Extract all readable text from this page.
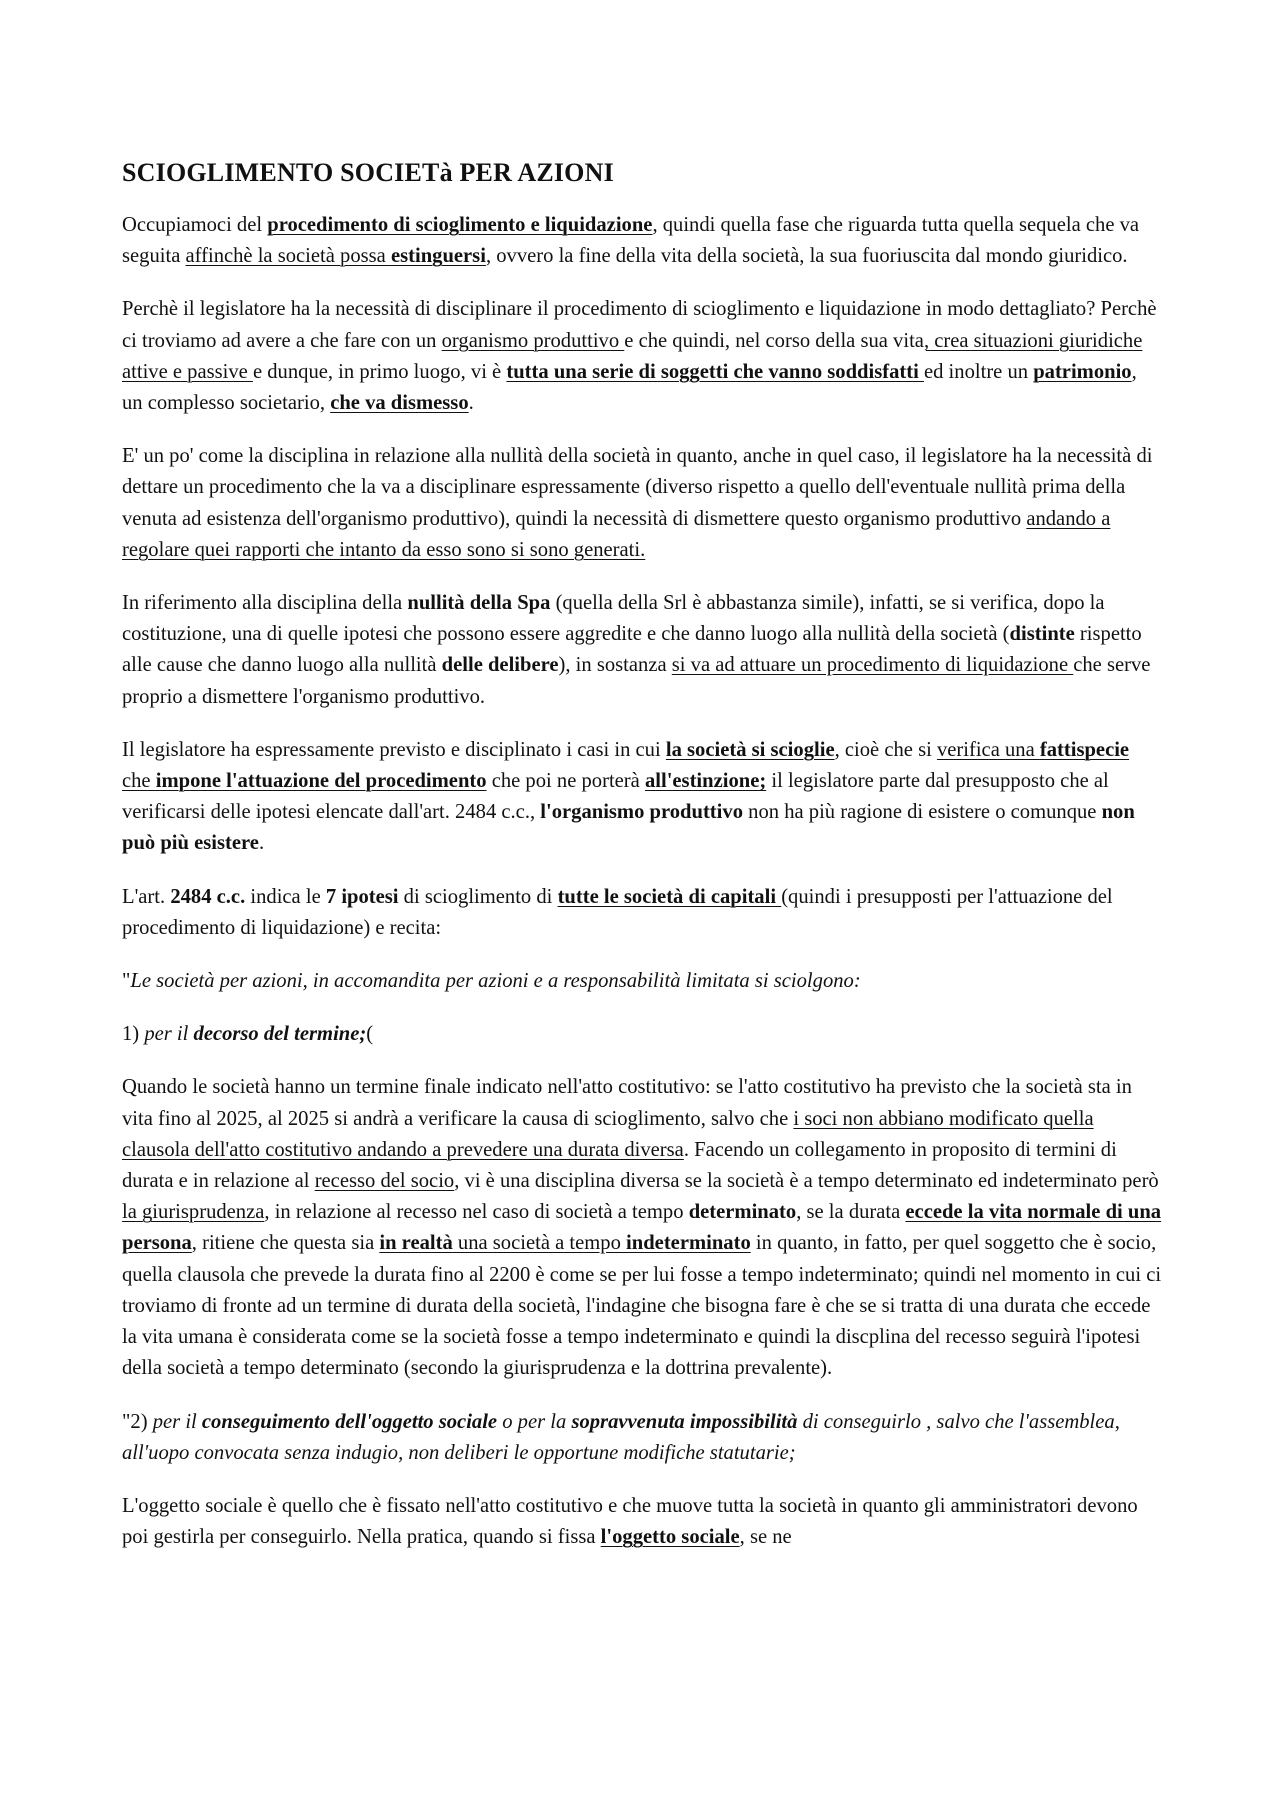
SCIOGLIMENTO SOCIETà PER AZIONI

Occupiamoci del procedimento di scioglimento e liquidazione, quindi quella fase che riguarda tutta quella sequela che va seguita affinchè la società possa estinguersi, ovvero la fine della vita della società, la sua fuoriuscita dal mondo giuridico.

Perchè il legislatore ha la necessità di disciplinare il procedimento di scioglimento e liquidazione in modo dettagliato? Perchè ci troviamo ad avere a che fare con un organismo produttivo e che quindi, nel corso della sua vita, crea situazioni giuridiche attive e passive e dunque, in primo luogo, vi è tutta una serie di soggetti che vanno soddisfatti ed inoltre un patrimonio, un complesso societario, che va dismesso.

E' un po' come la disciplina in relazione alla nullità della società in quanto, anche in quel caso, il legislatore ha la necessità di dettare un procedimento che la va a disciplinare espressamente (diverso rispetto a quello dell'eventuale nullità prima della venuta ad esistenza dell'organismo produttivo), quindi la necessità di dismettere questo organismo produttivo andando a regolare quei rapporti che intanto da esso sono si sono generati.

In riferimento alla disciplina della nullità della Spa (quella della Srl è abbastanza simile), infatti, se si verifica, dopo la costituzione, una di quelle ipotesi che possono essere aggredite e che danno luogo alla nullità della società (distinte rispetto alle cause che danno luogo alla nullità delle delibere), in sostanza si va ad attuare un procedimento di liquidazione che serve proprio a dismettere l'organismo produttivo.

Il legislatore ha espressamente previsto e disciplinato i casi in cui la società si scioglie, cioè che si verifica una fattispecie che impone l'attuazione del procedimento che poi ne porterà all'estinzione; il legislatore parte dal presupposto che al verificarsi delle ipotesi elencate dall'art. 2484 c.c., l'organismo produttivo non ha più ragione di esistere o comunque non può più esistere.

L'art. 2484 c.c. indica le 7 ipotesi di scioglimento di tutte le società di capitali (quindi i presupposti per l'attuazione del procedimento di liquidazione) e recita:

"Le società per azioni, in accomandita per azioni e a responsabilità limitata si sciolgono:

1) per il decorso del termine;(

Quando le società hanno un termine finale indicato nell'atto costitutivo: se l'atto costitutivo ha previsto che la società sta in vita fino al 2025, al 2025 si andrà a verificare la causa di scioglimento, salvo che i soci non abbiano modificato quella clausola dell'atto costitutivo andando a prevedere una durata diversa. Facendo un collegamento in proposito di termini di durata e in relazione al recesso del socio, vi è una disciplina diversa se la società è a tempo determinato ed indeterminato però la giurisprudenza, in relazione al recesso nel caso di società a tempo determinato, se la durata eccede la vita normale di una persona, ritiene che questa sia in realtà una società a tempo indeterminato in quanto, in fatto, per quel soggetto che è socio, quella clausola che prevede la durata fino al 2200 è come se per lui fosse a tempo indeterminato; quindi nel momento in cui ci troviamo di fronte ad un termine di durata della società, l'indagine che bisogna fare è che se si tratta di una durata che eccede la vita umana è considerata come se la società fosse a tempo indeterminato e quindi la discplina del recesso seguirà l'ipotesi della società a tempo determinato (secondo la giurisprudenza e la dottrina prevalente).

"2) per il conseguimento dell'oggetto sociale o per la sopravvenuta impossibilità di conseguirlo , salvo che l'assemblea, all'uopo convocata senza indugio, non deliberi le opportune modifiche statutarie;

L'oggetto sociale è quello che è fissato nell'atto costitutivo e che muove tutta la società in quanto gli amministratori devono poi gestirla per conseguirlo. Nella pratica, quando si fissa l'oggetto sociale, se ne
